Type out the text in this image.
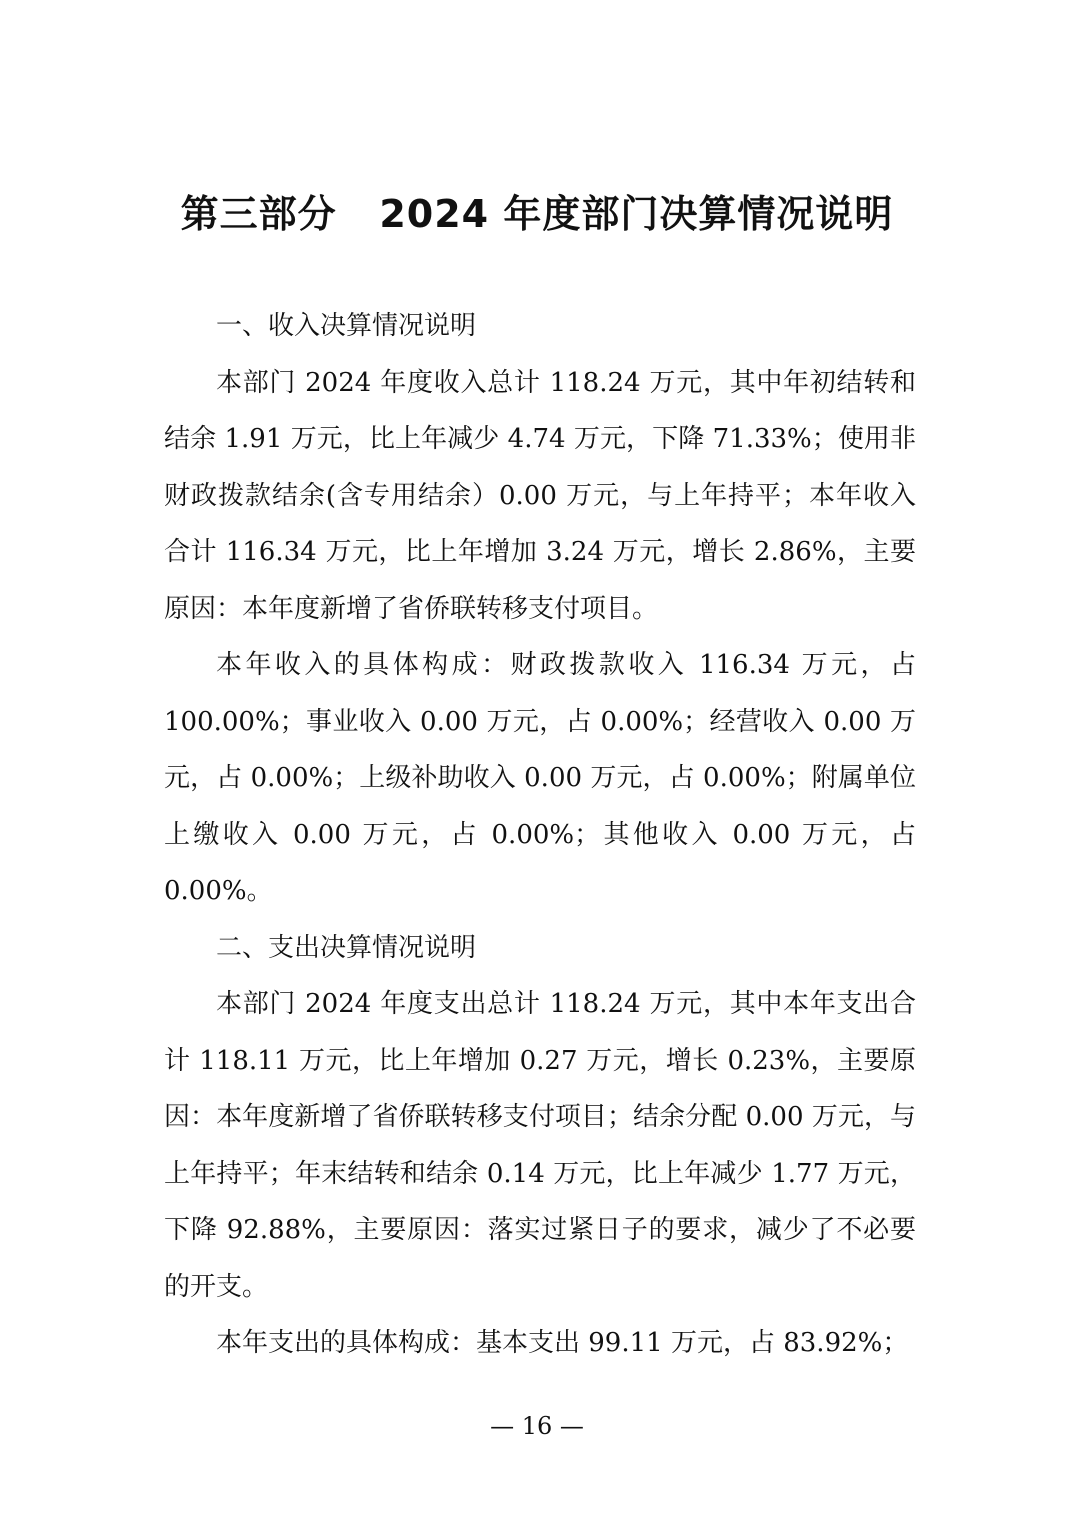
第三部分   2024 年度部门决算情况说明

一、收入决算情况说明

本部门 2024 年度收入总计 118.24 万元，其中年初结转和结余 1.91 万元，比上年减少 4.74 万元，下降 71.33%；使用非财政拨款结余(含专用结余）0.00 万元，与上年持平；本年收入合计 116.34 万元，比上年增加 3.24 万元，增长 2.86%，主要原因：本年度新增了省侨联转移支付项目。

本年收入的具体构成：财政拨款收入 116.34 万元，占 100.00%；事业收入 0.00 万元，占 0.00%；经营收入 0.00 万元，占 0.00%；上级补助收入 0.00 万元，占 0.00%；附属单位上缴收入 0.00 万元，占 0.00%；其他收入 0.00 万元，占 0.00%。

二、支出决算情况说明

本部门 2024 年度支出总计 118.24 万元，其中本年支出合计 118.11 万元，比上年增加 0.27 万元，增长 0.23%，主要原因：本年度新增了省侨联转移支付项目；结余分配 0.00 万元，与上年持平；年末结转和结余 0.14 万元，比上年减少 1.77 万元，下降 92.88%，主要原因：落实过紧日子的要求，减少了不必要的开支。

本年支出的具体构成：基本支出 99.11 万元，占 83.92%；

— 16 —
